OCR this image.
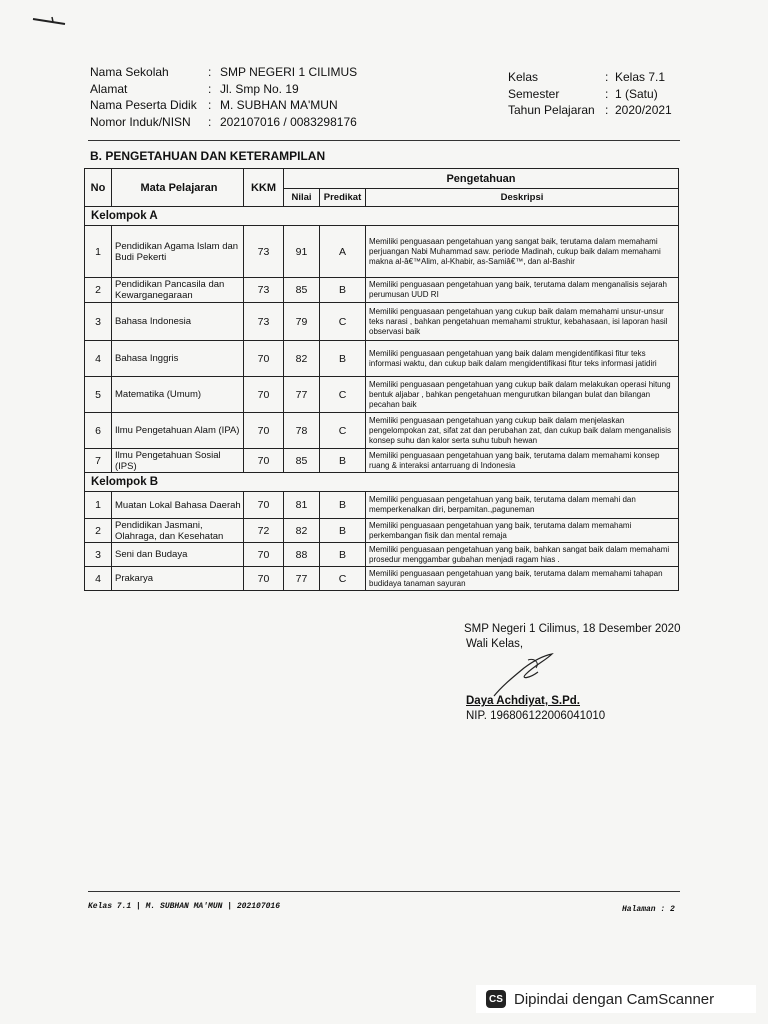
Nama Sekolah	: SMP NEGERI 1 CILIMUS
Alamat	: Jl. Smp No. 19
Nama Peserta Didik : M. SUBHAN MA'MUN
Nomor Induk/NISN	: 202107016 / 0083298176
Kelas	: Kelas 7.1
Semester	: 1 (Satu)
Tahun Pelajaran : 2020/2021
B. PENGETAHUAN DAN KETERAMPILAN
No	Mata Pelajaran	KKM	Pengetahuan		
			Nilai	Predikat	Deskripsi
Kelompok A					
1	Pendidikan Agama Islam dan Budi Pekerti	73	91	A	Memiliki penguasaan pengetahuan yang sangat baik, terutama dalam memahami perjuangan Nabi Muhammad saw. periode Madinah, cukup baik dalam memahami makna al-â€™Alim, al-Khabir, as-Samiâ€™, dan al-Bashir
2	Pendidikan Pancasila dan Kewarganegaraan	73	85	B	Memiliki penguasaan pengetahuan yang baik, terutama dalam menganalisis sejarah perumusan UUD RI
3	Bahasa Indonesia	73	79	C	Memiliki penguasaan pengetahuan yang cukup baik dalam memahami unsur-unsur teks narasi , bahkan pengetahuan memahami struktur, kebahasaan, isi laporan hasil observasi baik
4	Bahasa Inggris	70	82	B	Memiliki penguasaan pengetahuan yang baik dalam mengidentifikasi fitur teks informasi waktu, dan cukup baik dalam mengidentifikasi fitur teks informasi jatidiri
5	Matematika (Umum)	70	77	C	Memiliki penguasaan pengetahuan yang cukup baik dalam melakukan operasi hitung bentuk aljabar , bahkan pengetahuan mengurutkan bilangan bulat dan bilangan pecahan baik
6	Ilmu Pengetahuan Alam (IPA)	70	78	C	Memiliki penguasaan pengetahuan yang cukup baik dalam menjelaskan pengelompokan zat, sifat zat dan perubahan zat, dan cukup baik dalam menganalisis konsep suhu dan kalor serta suhu tubuh hewan
7	Ilmu Pengetahuan Sosial (IPS)	70	85	B	Memiliki penguasaan pengetahuan yang baik, terutama dalam memahami konsep ruang & interaksi antarruang di Indonesia
Kelompok B					
1	Muatan Lokal Bahasa Daerah	70	81	B	Memiliki penguasaan pengetahuan yang baik, terutama dalam memahi dan memperkenalkan diri, berpamitan.,paguneman
2	Pendidikan Jasmani, Olahraga, dan Kesehatan	72	82	B	Memiliki penguasaan pengetahuan yang baik, terutama dalam memahami perkembangan fisik dan mental remaja
3	Seni dan Budaya	70	88	B	Memiliki penguasaan pengetahuan yang baik, bahkan sangat baik dalam memahami prosedur menggambar gubahan menjadi ragam hias .
4	Prakarya	70	77	C	Memiliki penguasaan pengetahuan yang baik, terutama dalam memahami tahapan budidaya tanaman sayuran
SMP Negeri 1 Cilimus, 18 Desember 2020
Wali Kelas,
Daya Achdiyat, S.Pd.
NIP. 196806122006041010
Kelas 7.1 | M. SUBHAN MA'MUN | 202107016	Halaman : 2
CS Dipindai dengan CamScanner
